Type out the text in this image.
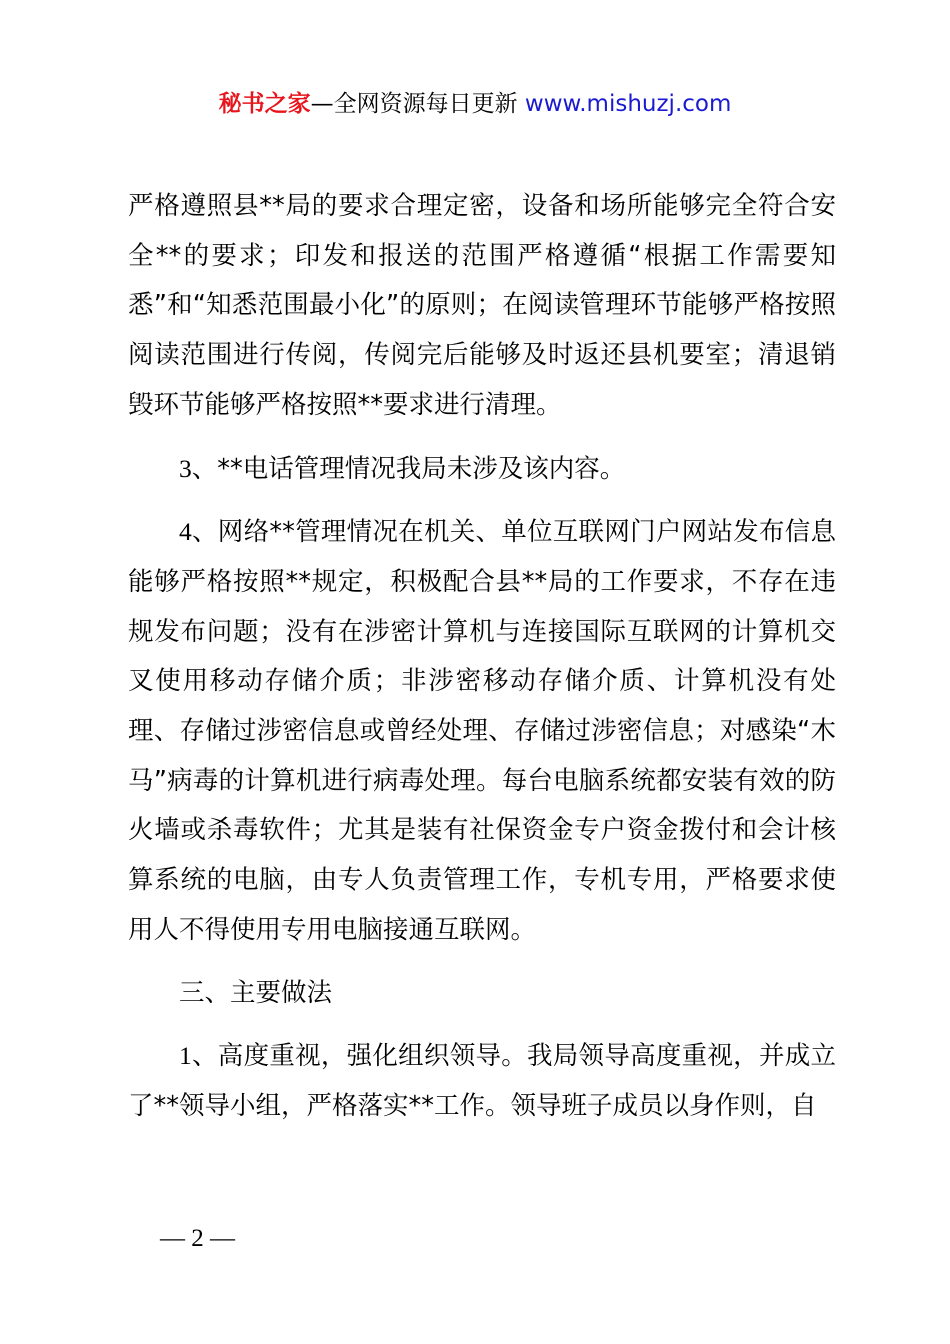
秘书之家—全网资源每日更新 www.mishuzj.com

严格遵照县**局的要求合理定密，设备和场所能够完全符合安全**的要求；印发和报送的范围严格遵循“根据工作需要知悉”和“知悉范围最小化”的原则；在阅读管理环节能够严格按照阅读范围进行传阅，传阅完后能够及时返还县机要室；清退销毁环节能够严格按照**要求进行清理。

3、**电话管理情况我局未涉及该内容。

4、网络**管理情况在机关、单位互联网门户网站发布信息能够严格按照**规定，积极配合县**局的工作要求，不存在违规发布问题；没有在涉密计算机与连接国际互联网的计算机交叉使用移动存储介质；非涉密移动存储介质、计算机没有处理、存储过涉密信息或曾经处理、存储过涉密信息；对感染“木马”病毒的计算机进行病毒处理。每台电脑系统都安装有效的防火墙或杀毒软件；尤其是装有社保资金专户资金拨付和会计核算系统的电脑，由专人负责管理工作，专机专用，严格要求使用人不得使用专用电脑接通互联网。

三、主要做法

1、高度重视，强化组织领导。我局领导高度重视，并成立了**领导小组，严格落实**工作。领导班子成员以身作则，自

— 2 —
